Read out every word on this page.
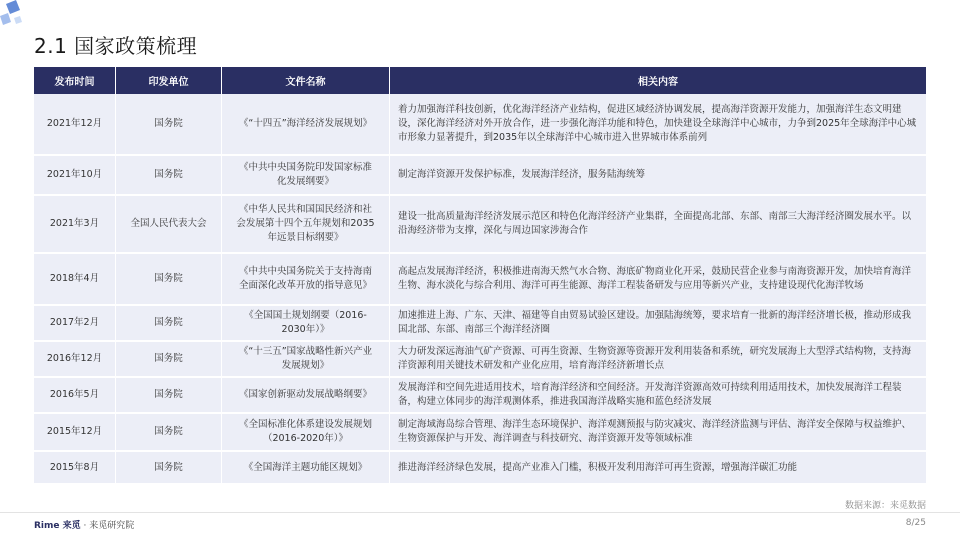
2.1 国家政策梳理
发布时间	印发单位	文件名称	相关内容
2021年12月	国务院	《“十四五”海洋经济发展规划》	着力加强海洋科技创新，优化海洋经济产业结构，促进区域经济协调发展，提高海洋资源开发能力，加强海洋生态文明建设，深化海洋经济对外开放合作，进一步强化海洋功能和特色，加快建设全球海洋中心城市，力争到2025年全球海洋中心城市形象力显著提升，到2035年以全球海洋中心城市进入世界城市体系前列
2021年10月	国务院	《中共中央国务院印发国家标准化发展纲要》	制定海洋资源开发保护标准，发展海洋经济，服务陆海统筹
2021年3月	全国人民代表大会	《中华人民共和国国民经济和社会发展第十四个五年规划和2035年远景目标纲要》	建设一批高质量海洋经济发展示范区和特色化海洋经济产业集群，全面提高北部、东部、南部三大海洋经济圈发展水平。以沿海经济带为支撑，深化与周边国家涉海合作
2018年4月	国务院	《中共中央国务院关于支持海南全面深化改革开放的指导意见》	高起点发展海洋经济，积极推进南海天然气水合物、海底矿物商业化开采，鼓励民营企业参与南海资源开发，加快培育海洋生物、海水淡化与综合利用、海洋可再生能源、海洋工程装备研发与应用等新兴产业，支持建设现代化海洋牧场
2017年2月	国务院	《全国国土规划纲要（2016-2030年）》	加速推进上海、广东、天津、福建等自由贸易试验区建设。加强陆海统筹，要求培育一批新的海洋经济增长极，推动形成我国北部、东部、南部三个海洋经济圈
2016年12月	国务院	《“十三五”国家战略性新兴产业发展规划》	大力研发深远海油气矿产资源、可再生资源、生物资源等资源开发利用装备和系统，研究发展海上大型浮式结构物，支持海洋资源利用关键技术研发和产业化应用，培育海洋经济新增长点
2016年5月	国务院	《国家创新驱动发展战略纲要》	发展海洋和空间先进适用技术，培育海洋经济和空间经济。开发海洋资源高效可持续利用适用技术，加快发展海洋工程装备，构建立体同步的海洋观测体系，推进我国海洋战略实施和蓝色经济发展
2015年12月	国务院	《全国标准化体系建设发展规划（2016-2020年）》	制定海域海岛综合管理、海洋生态环境保护、海洋观测预报与防灾减灾、海洋经济监测与评估、海洋安全保障与权益维护、生物资源保护与开发、海洋调查与科技研究、海洋资源开发等领域标准
2015年8月	国务院	《全国海洋主题功能区规划》	推进海洋经济绿色发展，提高产业准入门槛，积极开发利用海洋可再生资源，增强海洋碳汇功能
数据来源：来觅数据
Rime 来觅 · 来觅研究院	8/25
